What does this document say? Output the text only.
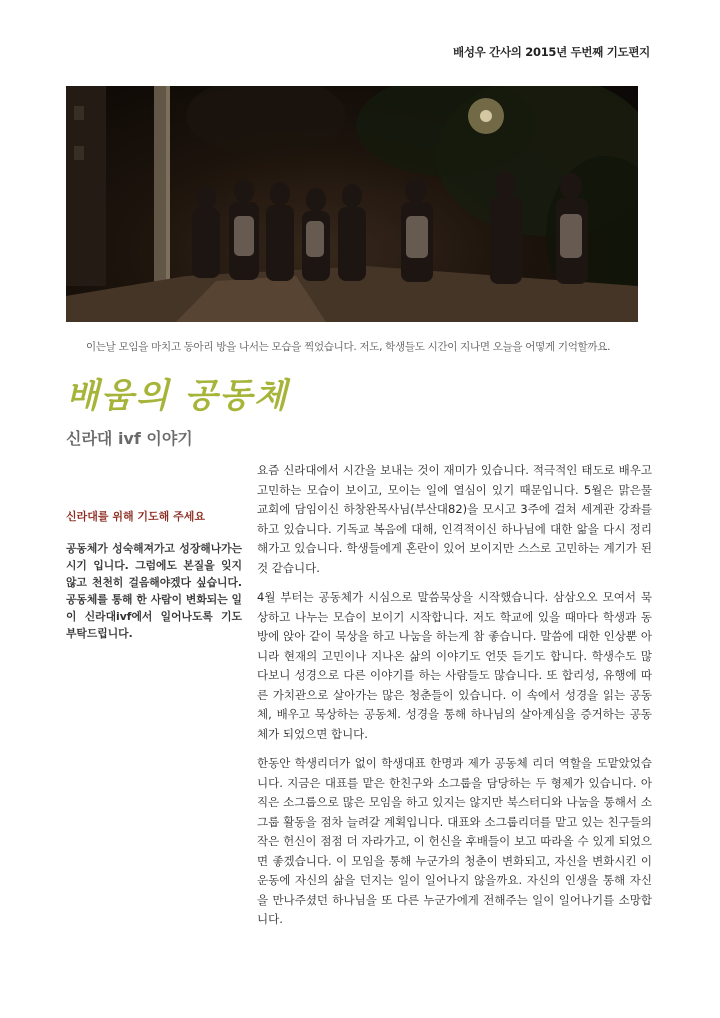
배성우 간사의 2015년 두번째 기도편지
이는날 모임을 마치고 동아리 방을 나서는 모습을 찍었습니다. 저도, 학생들도 시간이 지나면 오늘을 어떻게 기억할까요.
배움의 공동체
신라대 ivf 이야기

신라대를 위해 기도해 주세요

공동체가 성숙해져가고 성장해나가는 시기 입니다. 그럼에도 본질을 잊지 않고 천천히 걸음해야겠다 싶습니다. 공동체를 통해 한 사람이 변화되는 일이 신라대ivf에서 일어나도록 기도 부탁드립니다.

요즘 신라대에서 시간을 보내는 것이 재미가 있습니다. 적극적인 태도로 배우고 고민하는 모습이 보이고, 모이는 일에 열심이 있기 때문입니다. 5월은 맑은물 교회에 담임이신 하창완목사님(부산대82)을 모시고 3주에 걸쳐 세계관 강좌를 하고 있습니다. 기독교 복음에 대해, 인격적이신 하나님에 대한 앎을 다시 정리해가고 있습니다. 학생들에게 혼란이 있어 보이지만 스스로 고민하는 계기가 된 것 같습니다.

4월 부터는 공동체가 시심으로 말씀묵상을 시작했습니다. 삼삼오오 모여서 묵상하고 나누는 모습이 보이기 시작합니다. 저도 학교에 있을 때마다 학생과 동방에 앉아 같이 묵상을 하고 나눔을 하는게 참 좋습니다. 말씀에 대한 인상뿐 아니라 현재의 고민이나 지나온 삶의 이야기도 언뜻 듣기도 합니다. 학생수도 많다보니 성경으로 다른 이야기를 하는 사람들도 많습니다. 또 합리성, 유행에 따른 가치관으로 살아가는 많은 청춘들이 있습니다. 이 속에서 성경을 읽는 공동체, 배우고 묵상하는 공동체. 성경을 통해 하나님의 살아계심을 증거하는 공동체가 되었으면 합니다.

한동안 학생리더가 없이 학생대표 한명과 제가 공동체 리더 역할을 도맡았었습니다. 지금은 대표를 맡은 한친구와 소그룹을 담당하는 두 형제가 있습니다. 아직은 소그룹으로 많은 모임을 하고 있지는 않지만 북스터디와 나눔을 통해서 소그룹 활동을 점차 늘려갈 계획입니다. 대표와 소그룹리더를 맡고 있는 친구들의 작은 헌신이 점점 더 자라가고, 이 헌신을 후배들이 보고 따라올 수 있게 되었으면 좋겠습니다. 이 모임을 통해 누군가의 청춘이 변화되고, 자신을 변화시킨 이 운동에 자신의 삶을 던지는 일이 일어나지 않을까요. 자신의 인생을 통해 자신을 만나주셨던 하나님을 또 다른 누군가에게 전해주는 일이 일어나기를 소망합니다.
